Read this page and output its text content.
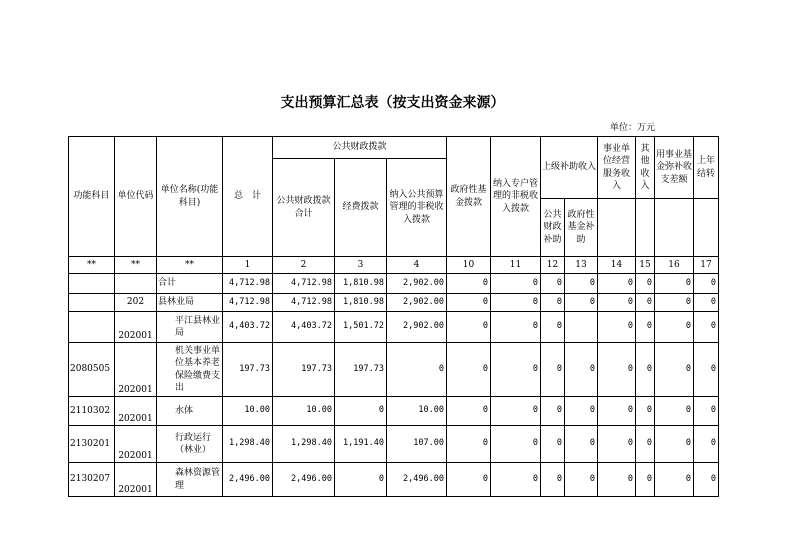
支出预算汇总表（按支出资金来源）
单位：万元
功能科目	单位代码	单位名称(功能科目)	总　计	公共财政拨款			政府性基金拨款	纳入专户管理的非税收入拨款	上级补助收入		事业单位经营服务收入	其他收入	用事业基金弥补收支差额	上年结转
				公共财政拨款合计	经费拨款	纳入公共预算管理的非税收入拨款								
									公共财政补助	政府性基金补助				
**	**	**	1	2	3	4	10	11	12	13	14	15	16	17
		合计	4,712.98	4,712.98	1,810.98	2,902.00	0	0	0	0	0	0	0	0
	202	县林业局	4,712.98	4,712.98	1,810.98	2,902.00	0	0	0	0	0	0	0	0
	202001	平江县林业局	4,403.72	4,403.72	1,501.72	2,902.00	0	0	0		0	0	0	0
2080505	202001	机关事业单位基本养老保险缴费支出	197.73	197.73	197.73	0	0	0	0	0	0	0	0	0
2110302	202001	水体	10.00	10.00	0	10.00	0	0	0	0	0	0	0	0
2130201	202001	行政运行（林业）	1,298.40	1,298.40	1,191.40	107.00	0	0	0	0	0	0	0	0
2130207	202001	森林资源管理	2,496.00	2,496.00	0	2,496.00	0	0	0	0	0	0	0	0
